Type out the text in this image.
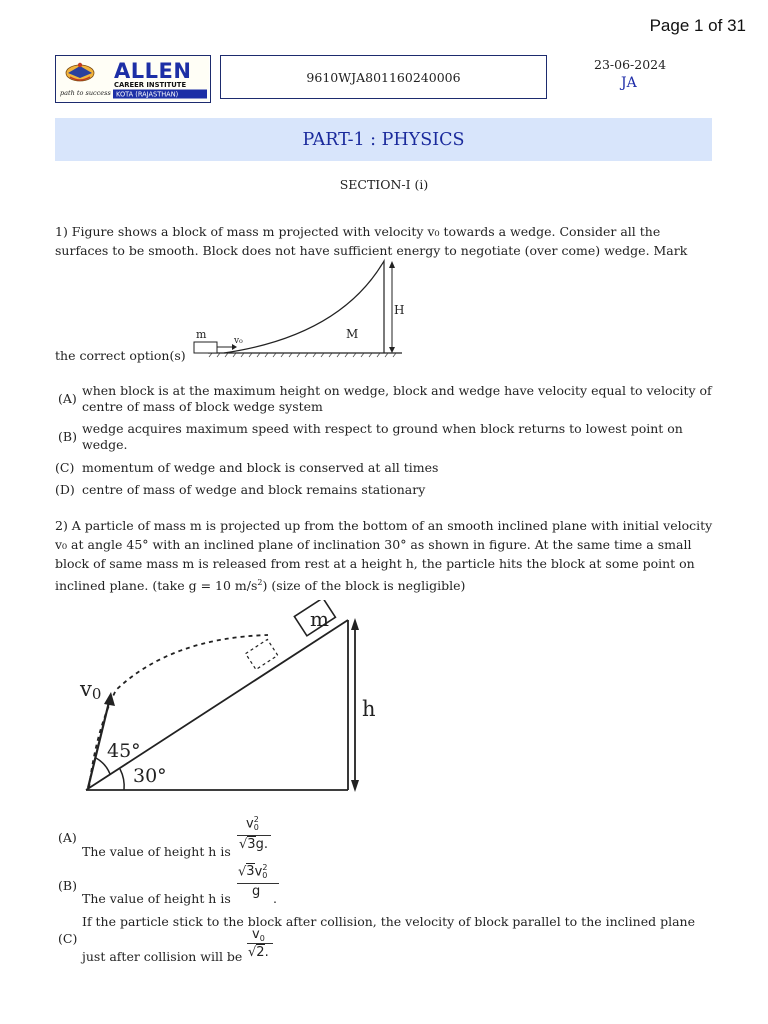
Page 1 of 31
path to success
ALLEN
CAREER INSTITUTE
KOTA (RAJASTHAN)
9610WJA801160240006
23-06-2024
JA
PART-1 : PHYSICS
SECTION-I (i)
1) Figure shows a block of mass m projected with velocity v₀ towards a wedge. Consider all the surfaces to be smooth. Block does not have sufficient energy to negotiate (over come) wedge. Mark
m	v₀	M
H
the correct option(s)
(A)
when block is at the maximum height on wedge, block and wedge have velocity equal to velocity of centre of mass of block wedge system
(B)
wedge acquires maximum speed with respect to ground when block returns to lowest point on wedge.
(C) momentum of wedge and block is conserved at all times
(D) centre of mass of wedge and block remains stationary
2) A particle of mass m is projected up from the bottom of an smooth inclined plane with initial velocity v₀ at angle 45° with an inclined plane of inclination 30° as shown in figure. At the same time a small block of same mass m is released from rest at a height h, the particle hits the block at some point on inclined plane. (take g = 10 $m/s^2$) (size of the block is negligible)
v0
45°
30°
m
h
(A)
The value of height h is
$v_0^2$
√3g.
(B)
The value of height h is
$√3v_0^2$
g .
(C)
If the particle stick to the block after collision, the velocity of block parallel to the inclined plane
just after collision will be
$v_0$
√2.
